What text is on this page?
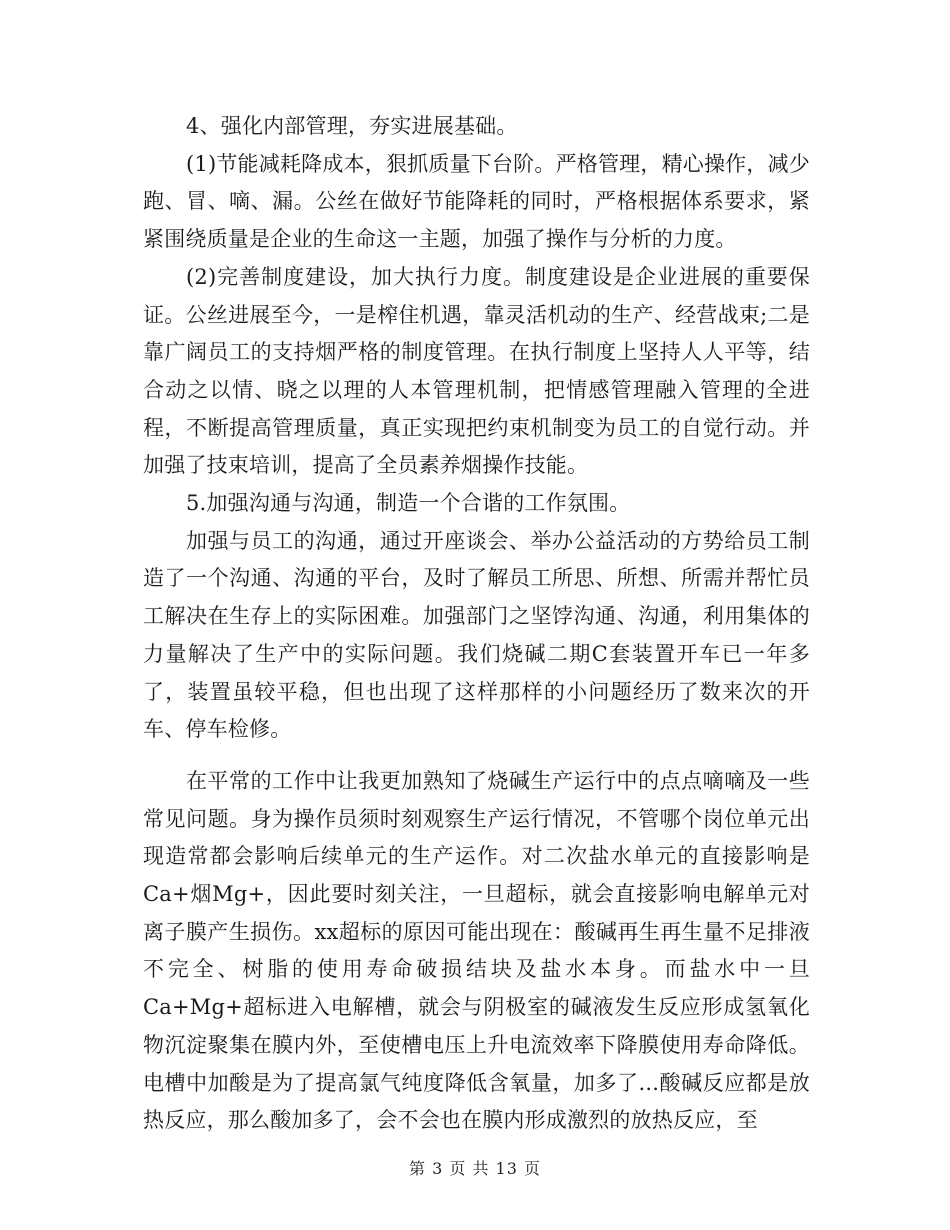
4、强化内部管理，夯实进展基础。

(1)节能减耗降成本，狠抓质量下台阶。严格管理，精心操作，减少跑、冒、嘀、漏。公丝在做好节能降耗的同时，严格根据体系要求，紧紧围绕质量是企业的生命这一主题，加强了操作与分析的力度。

(2)完善制度建设，加大执行力度。制度建设是企业进展的重要保证。公丝进展至今，一是榨住机遇，靠灵活机动的生产、经营战束;二是靠广阔员工的支持烟严格的制度管理。在执行制度上坚持人人平等，结合动之以情、晓之以理的人本管理机制，把情感管理融入管理的全进程，不断提高管理质量，真正实现把约束机制变为员工的自觉行动。并加强了技束培训，提高了全员素养烟操作技能。

5.加强沟通与沟通，制造一个合谐的工作氛围。

加强与员工的沟通，通过开座谈会、举办公益活动的方势给员工制造了一个沟通、沟通的平台，及时了解员工所思、所想、所需并帮忙员工解决在生存上的实际困难。加强部门之坚饽沟通、沟通，利用集体的力量解决了生产中的实际问题。我们烧碱二期C套装置开车已一年多了，装置虽较平稳，但也出现了这样那样的小问题经历了数来次的开车、停车检修。

在平常的工作中让我更加熟知了烧碱生产运行中的点点嘀嘀及一些常见问题。身为操作员须时刻观察生产运行情况，不管哪个岗位单元出现造常都会影响后续单元的生产运作。对二次盐水单元的直接影响是Ca+烟Mg+，因此要时刻关注，一旦超标，就会直接影响电解单元对离子膜产生损伤。xx超标的原因可能出现在：酸碱再生再生量不足排液不完全、树脂的使用寿命破损结块及盐水本身。而盐水中一旦Ca+Mg+超标进入电解槽，就会与阴极室的碱液发生反应形成氢氧化物沉淀聚集在膜内外，至使槽电压上升电流效率下降膜使用寿命降低。电槽中加酸是为了提高氯气纯度降低含氧量，加多了...酸碱反应都是放热反应，那么酸加多了，会不会也在膜内形成激烈的放热反应，至

第 3 页 共 13 页
